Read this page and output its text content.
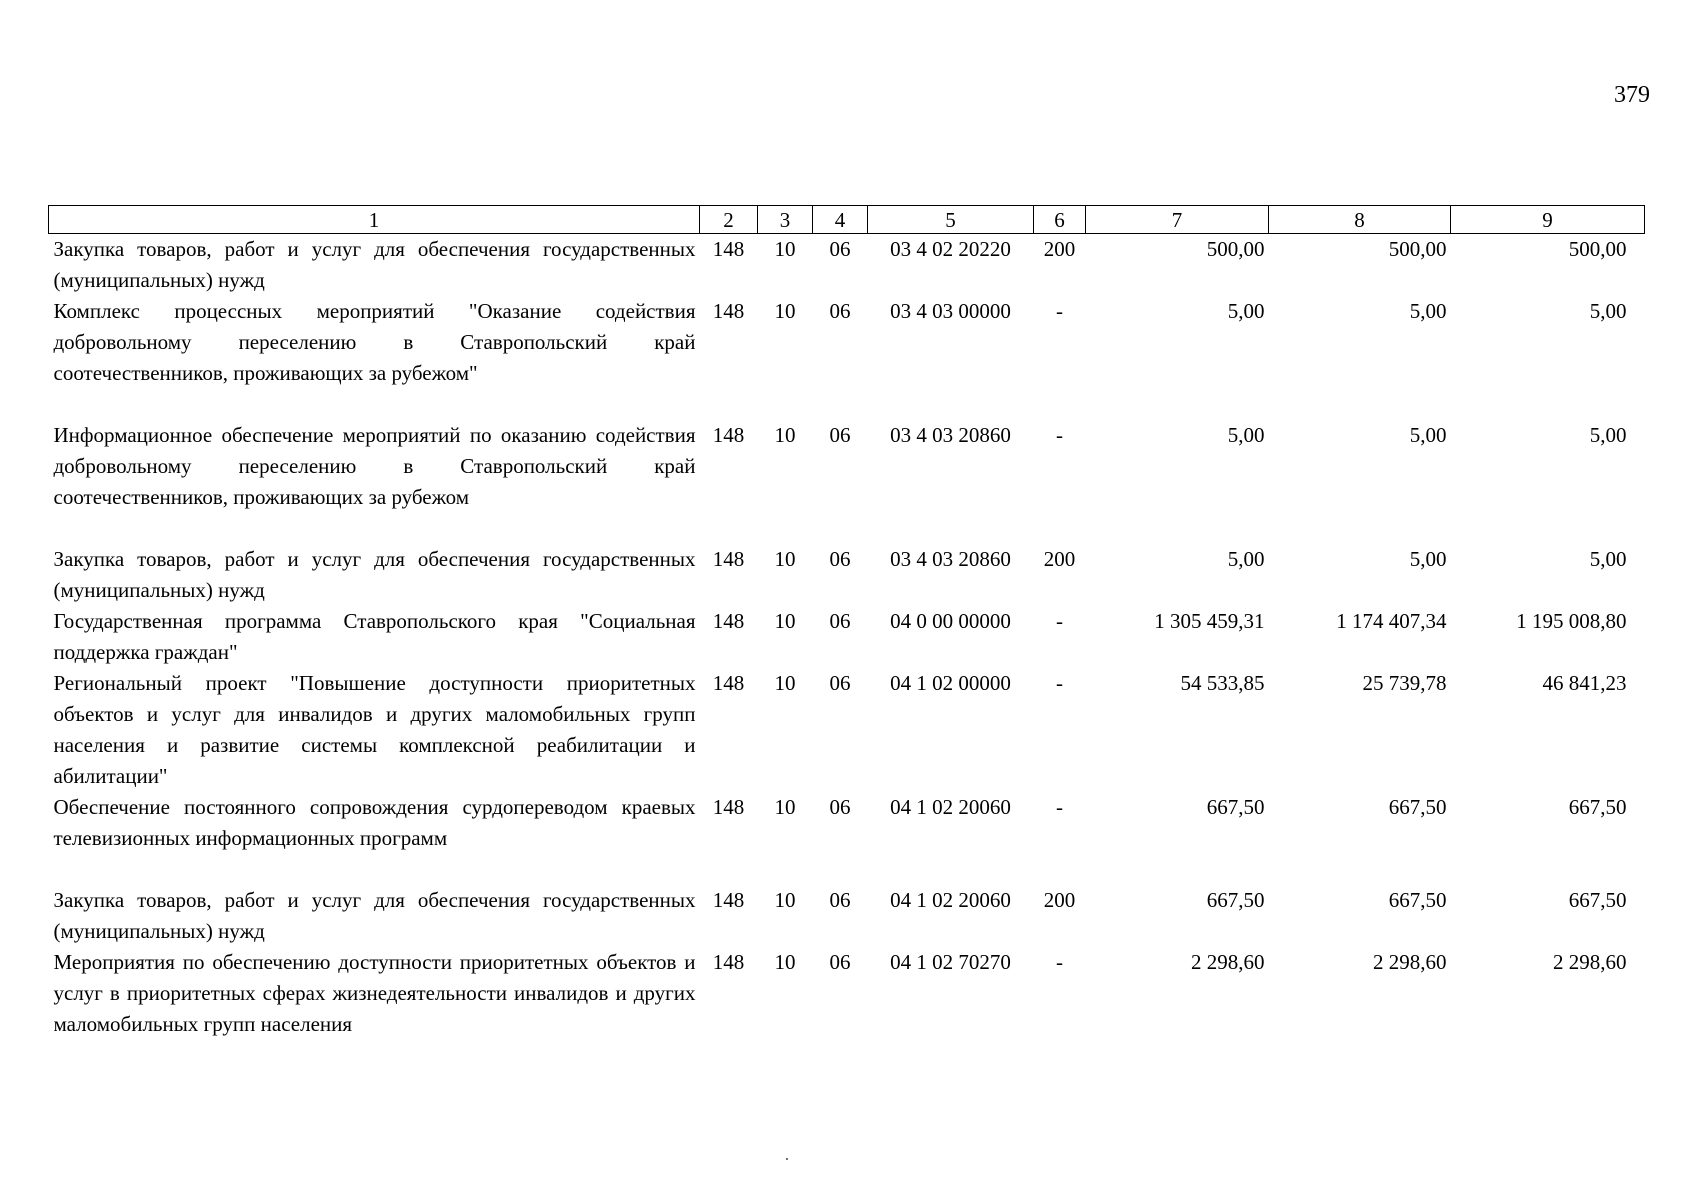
379
1	2	3	4	5	6	7	8	9
Закупка товаров, работ и услуг для обеспечения государственных (муниципальных) нужд	148	10	06	03 4 02 20220	200	500,00	500,00	500,00
Комплекс процессных мероприятий "Оказание содействия добровольному переселению в Ставропольский край соотечественников, проживающих за рубежом"	148	10	06	03 4 03 00000	-	5,00	5,00	5,00
Информационное обеспечение мероприятий по оказанию содействия добровольному переселению в Ставропольский край соотечественников, проживающих за рубежом	148	10	06	03 4 03 20860	-	5,00	5,00	5,00
Закупка товаров, работ и услуг для обеспечения государственных (муниципальных) нужд	148	10	06	03 4 03 20860	200	5,00	5,00	5,00
Государственная программа Ставропольского края "Социальная поддержка граждан"	148	10	06	04 0 00 00000	-	1 305 459,31	1 174 407,34	1 195 008,80
Региональный проект "Повышение доступности приоритетных объектов и услуг для инвалидов и других маломобильных групп населения и развитие системы комплексной реабилитации и абилитации"	148	10	06	04 1 02 00000	-	54 533,85	25 739,78	46 841,23
Обеспечение постоянного сопровождения сурдопереводом краевых телевизионных информационных программ	148	10	06	04 1 02 20060	-	667,50	667,50	667,50
Закупка товаров, работ и услуг для обеспечения государственных (муниципальных) нужд	148	10	06	04 1 02 20060	200	667,50	667,50	667,50
Мероприятия по обеспечению доступности приоритетных объектов и услуг в приоритетных сферах жизнедеятельности инвалидов и других маломобильных групп населения	148	10	06	04 1 02 70270	-	2 298,60	2 298,60	2 298,60
